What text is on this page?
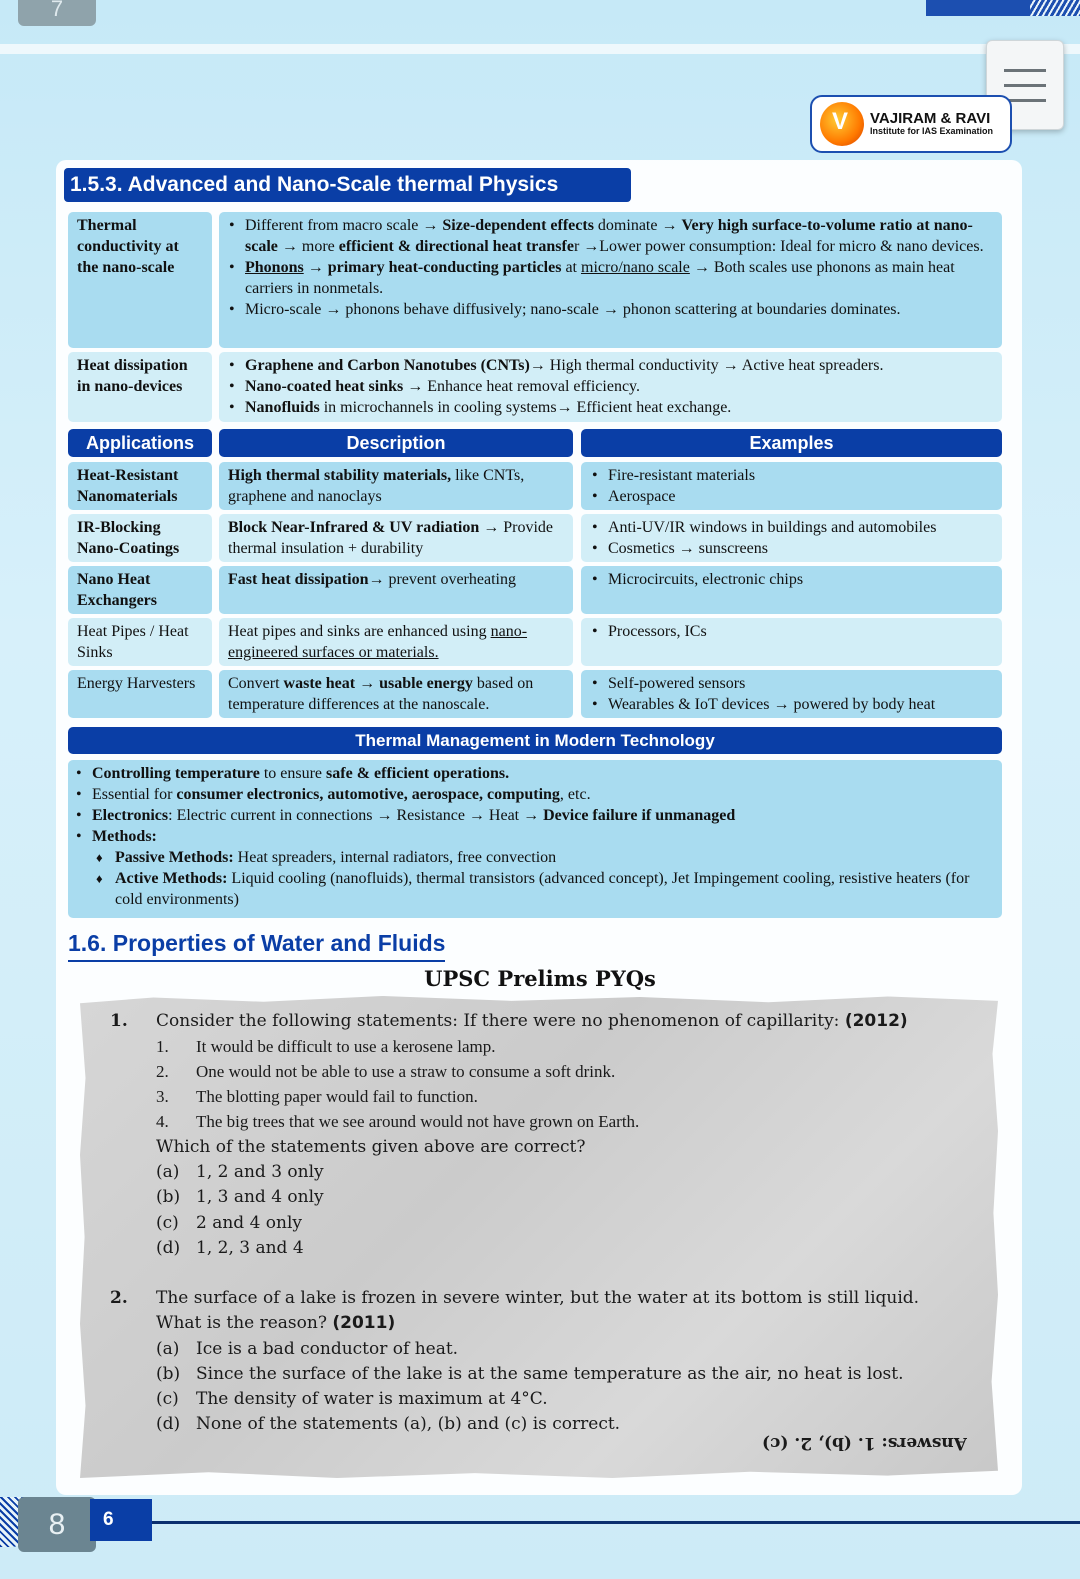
7
V
VAJIRAM & RAVI
Institute for IAS Examination
1.5.3. Advanced and Nano-Scale thermal Physics
Thermal conductivity at the nano-scale
• Different from macro scale → Size-dependent effects dominate → Very high surface-to-volume ratio at nano-scale → more efficient & directional heat transfer →Lower power consumption: Ideal for micro & nano devices.
• Phonons → primary heat-conducting particles at micro/nano scale → Both scales use phonons as main heat carriers in nonmetals.
• Micro-scale → phonons behave diffusively; nano-scale → phonon scattering at boundaries dominates.
Heat dissipation in nano-devices
• Graphene and Carbon Nanotubes (CNTs)→ High thermal conductivity → Active heat spreaders.
• Nano-coated heat sinks → Enhance heat removal efficiency.
• Nanofluids in microchannels in cooling systems→ Efficient heat exchange.
Applications	Description	Examples
Heat-Resistant Nanomaterials
High thermal stability materials, like CNTs, graphene and nanoclays
• Fire-resistant materials
• Aerospace
IR-Blocking Nano-Coatings
Block Near-Infrared & UV radiation → Provide thermal insulation + durability
• Anti-UV/IR windows in buildings and automobiles
• Cosmetics → sunscreens
Nano Heat Exchangers
Fast heat dissipation→ prevent overheating
•	Microcircuits, electronic chips
Heat Pipes / Heat Sinks
Heat pipes and sinks are enhanced using nano-engineered surfaces or materials.
• Processors, ICs
Energy Harvesters	Convert waste heat → usable energy based on temperature differences at the nanoscale.
• Self-powered sensors
• Wearables & IoT devices → powered by body heat
Thermal Management in Modern Technology
• Controlling temperature to ensure safe & efficient operations.
• Essential for consumer electronics, automotive, aerospace, computing, etc.
• Electronics: Electric current in connections → Resistance → Heat → Device failure if unmanaged
• Methods:
♦ Passive Methods: Heat spreaders, internal radiators, free convection
♦ Active Methods: Liquid cooling (nanofluids), thermal transistors (advanced concept), Jet Impingement cooling, resistive heaters (for cold environments)
1.6. Properties of Water and Fluids
UPSC Prelims PYQs
1. Consider the following statements: If there were no phenomenon of capillarity: (2012)
1. It would be difficult to use a kerosene lamp.
2. One would not be able to use a straw to consume a soft drink.
3. The blotting paper would fail to function.
4. The big trees that we see around would not have grown on Earth.
Which of the statements given above are correct?
(a) 1, 2 and 3 only
(b) 1, 3 and 4 only
(c) 2 and 4 only
(d) 1, 2, 3 and 4
2. The surface of a lake is frozen in severe winter, but the water at its bottom is still liquid.
What is the reason? (2011)
(a) Ice is a bad conductor of heat.
(b) Since the surface of the lake is at the same temperature as the air, no heat is lost.
(c) The density of water is maximum at 4°C.
(d) None of the statements (a), (b) and (c) is correct.
Answers: 1. (b), 2. (c)
8	6
